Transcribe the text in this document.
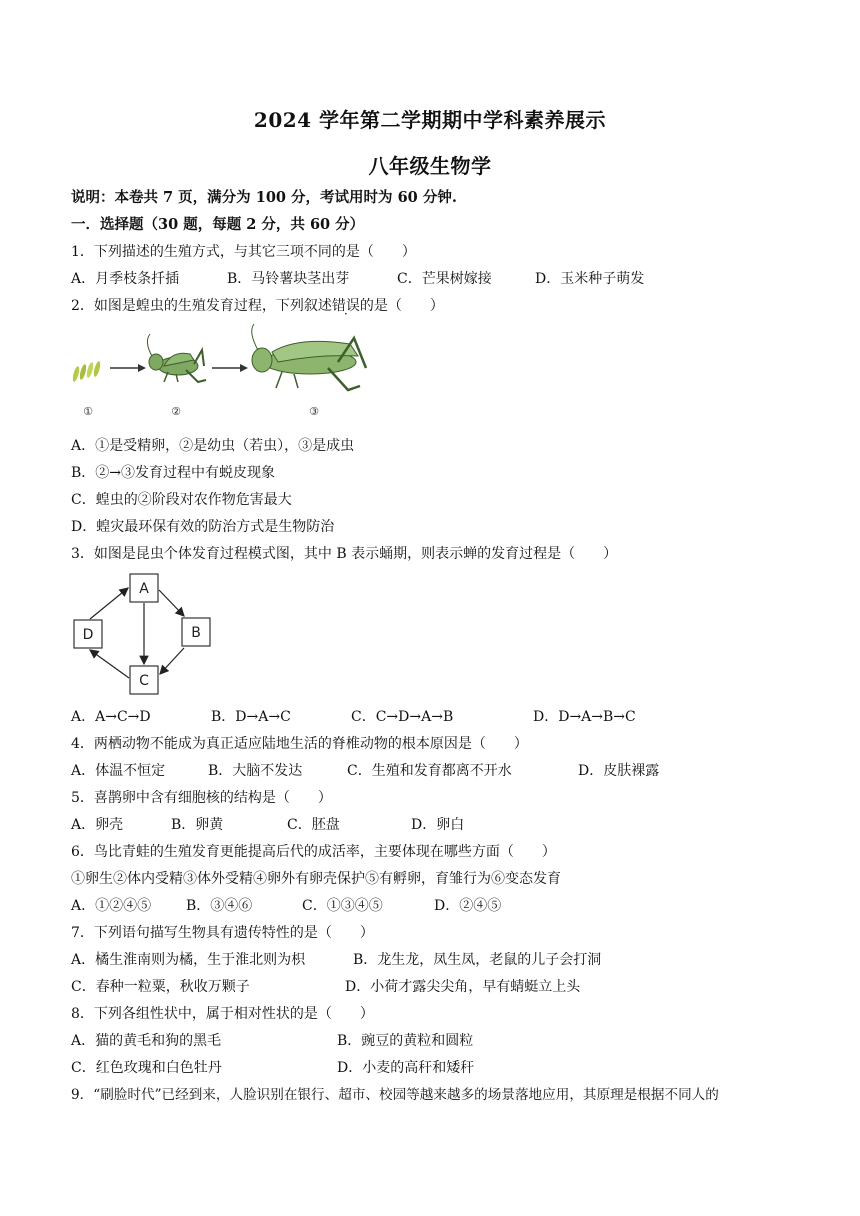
2024 学年第二学期期中学科素养展示
八年级生物学
说明：本卷共 7 页，满分为 100 分，考试用时为 60 分钟.
一．选择题（30 题，每题 2 分，共 60 分）
1．下列描述的生殖方式，与其它三项不同的是（　　）
A．月季枝条扦插	B．马铃薯块茎出芽	C．芒果树嫁接	D．玉米种子萌发
2．如图是蝗虫的生殖发育过程，下列叙述错误的是（　　）
①	②	③
A．①是受精卵，②是幼虫（若虫），③是成虫
B．②→③发育过程中有蜕皮现象
C．蝗虫的②阶段对农作物危害最大
D．蝗灾最环保有效的防治方式是生物防治
3．如图是昆虫个体发育过程模式图，其中 B 表示蛹期，则表示蝉的发育过程是（　　）
A
B
C
D
A．A→C→D	B．D→A→C	C．C→D→A→B	D．D→A→B→C
4．两栖动物不能成为真正适应陆地生活的脊椎动物的根本原因是（　　）
A．体温不恒定	B．大脑不发达	C．生殖和发育都离不开水	D．皮肤裸露
5．喜鹊卵中含有细胞核的结构是（　　）
A．卵壳	B．卵黄	C．胚盘	D．卵白
6．鸟比青蛙的生殖发育更能提高后代的成活率，主要体现在哪些方面（　　）
①卵生②体内受精③体外受精④卵外有卵壳保护⑤有孵卵，育雏行为⑥变态发育
A．①②④⑤ B．③④⑥	C．①③④⑤	D．②④⑤
7．下列语句描写生物具有遗传特性的是（　　）
A．橘生淮南则为橘，生于淮北则为枳	B．龙生龙，凤生凤，老鼠的儿子会打洞
C．春种一粒粟，秋收万颗子	D．小荷才露尖尖角，早有蜻蜓立上头
8．下列各组性状中，属于相对性状的是（　　）
A．猫的黄毛和狗的黑毛	B．豌豆的黄粒和圆粒
C．红色玫瑰和白色牡丹	D．小麦的高秆和矮秆
9．“刷脸时代”已经到来，人脸识别在银行、超市、校园等越来越多的场景落地应用，其原理是根据不同人的
